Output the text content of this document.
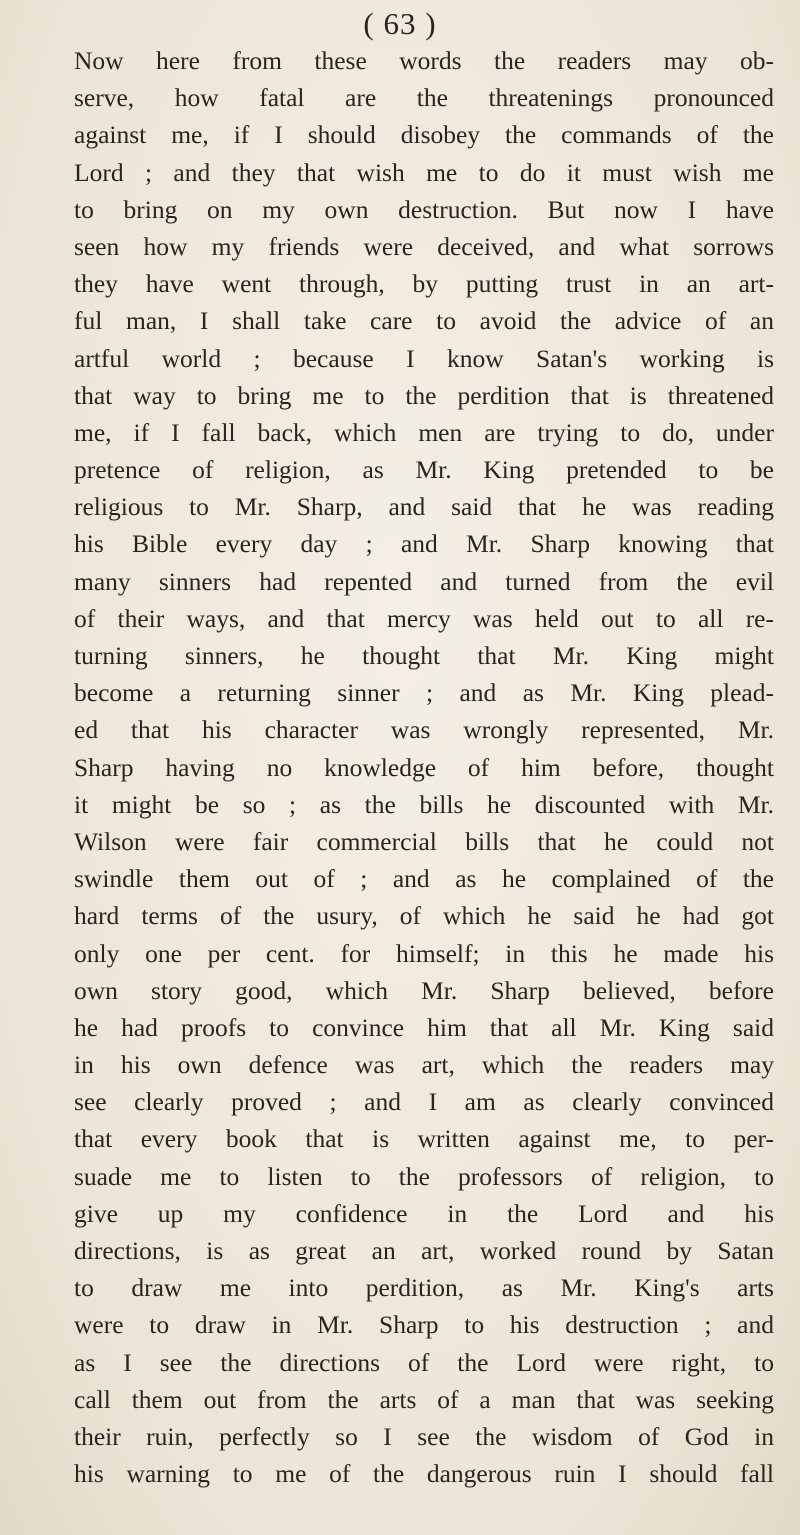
( 63 )
Now here from these words the readers may ob-
serve, how fatal are the threatenings pronounced
against me, if I should disobey the commands of the
Lord ; and they that wish me to do it must wish me
to bring on my own destruction. But now I have
seen how my friends were deceived, and what sorrows
they have went through, by putting trust in an art-
ful man, I shall take care to avoid the advice of an
artful world ; because I know Satan's working is
that way to bring me to the perdition that is threatened
me, if I fall back, which men are trying to do, under
pretence of religion, as Mr. King pretended to be
religious to Mr. Sharp, and said that he was reading
his Bible every day ; and Mr. Sharp knowing that
many sinners had repented and turned from the evil
of their ways, and that mercy was held out to all re-
turning sinners, he thought that Mr. King might
become a returning sinner ; and as Mr. King plead-
ed that his character was wrongly represented, Mr.
Sharp having no knowledge of him before, thought
it might be so ; as the bills he discounted with Mr.
Wilson were fair commercial bills that he could not
swindle them out of ; and as he complained of the
hard terms of the usury, of which he said he had got
only one per cent. for himself; in this he made his
own story good, which Mr. Sharp believed, before
he had proofs to convince him that all Mr. King said
in his own defence was art, which the readers may
see clearly proved ; and I am as clearly convinced
that every book that is written against me, to per-
suade me to listen to the professors of religion, to
give up my confidence in the Lord and his
directions, is as great an art, worked round by Satan
to draw me into perdition, as Mr. King's arts
were to draw in Mr. Sharp to his destruction ; and
as I see the directions of the Lord were right, to
call them out from the arts of a man that was seeking
their ruin, perfectly so I see the wisdom of God in
his warning to me of the dangerous ruin I should fall
